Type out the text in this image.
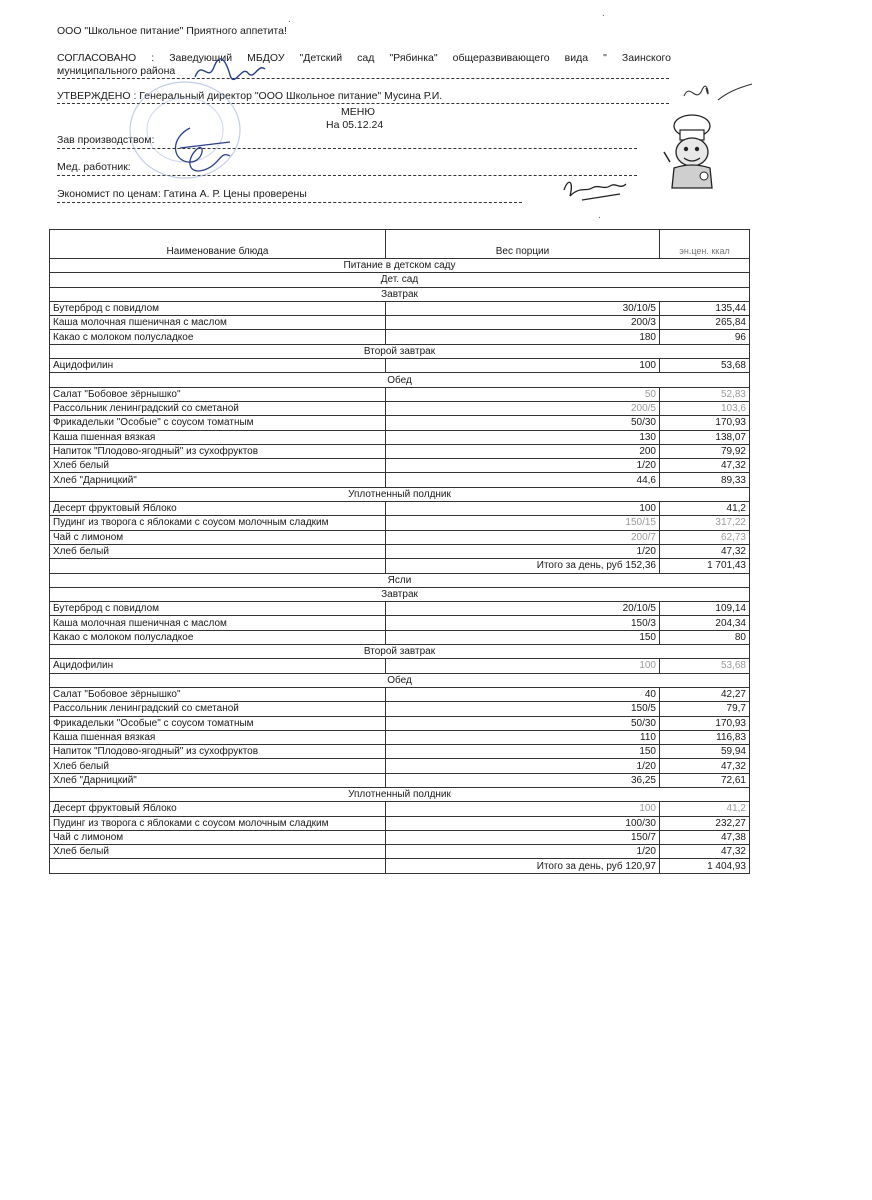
ООО "Школьное питание" Приятного аппетита!
СОГЛАСОВАНО : Заведующий МБДОУ "Детский сад "Рябинка" общеразвивающего вида " Заинского
муниципального района
УТВЕРЖДЕНО : Генеральный директор "ООО Школьное питание" Мусина Р.И.
МЕНЮ
На 05.12.24
Зав производством:
Мед. работник:
Экономист по ценам: Гатина А. Р. Цены проверены
Наименование блюда	Вес порции	эн.цен. ккал
Питание в детском саду		
Дет. сад		
Завтрак		
Бутерброд с повидлом	30/10/5	135,44
Каша молочная пшеничная с маслом	200/3	265,84
Какао с молоком полусладкое	180	96
Второй завтрак		
Ацидофилин	100	53,68
Обед		
Салат "Бобовое зёрнышко"	50	52,83
Рассольник ленинградский со сметаной	200/5	103,6
Фрикадельки "Особые" с соусом томатным	50/30	170,93
Каша пшенная вязкая	130	138,07
Напиток "Плодово-ягодный" из сухофруктов	200	79,92
Хлеб белый	1/20	47,32
Хлеб "Дарницкий"	44,6	89,33
Уплотненный полдник		
Десерт фруктовый Яблоко	100	41,2
Пудинг из творога с яблоками с соусом молочным сладким	150/15	317,22
Чай с лимоном	200/7	62,73
Хлеб белый	1/20	47,32
	Итого за день, руб 152,36	1 701,43
Ясли		
Завтрак		
Бутерброд с повидлом	20/10/5	109,14
Каша молочная пшеничная с маслом	150/3	204,34
Какао с молоком полусладкое	150	80
Второй завтрак		
Ацидофилин	100	53,68
Обед		
Салат "Бобовое зёрнышко"	40	42,27
Рассольник ленинградский со сметаной	150/5	79,7
Фрикадельки "Особые" с соусом томатным	50/30	170,93
Каша пшенная вязкая	110	116,83
Напиток "Плодово-ягодный" из сухофруктов	150	59,94
Хлеб белый	1/20	47,32
Хлеб "Дарницкий"	36,25	72,61
Уплотненный полдник		
Десерт фруктовый Яблоко	100	41,2
Пудинг из творога с яблоками с соусом молочным сладким	100/30	232,27
Чай с лимоном	150/7	47,38
Хлеб белый	1/20	47,32
	Итого за день, руб 120,97	1 404,93
.
.
.
